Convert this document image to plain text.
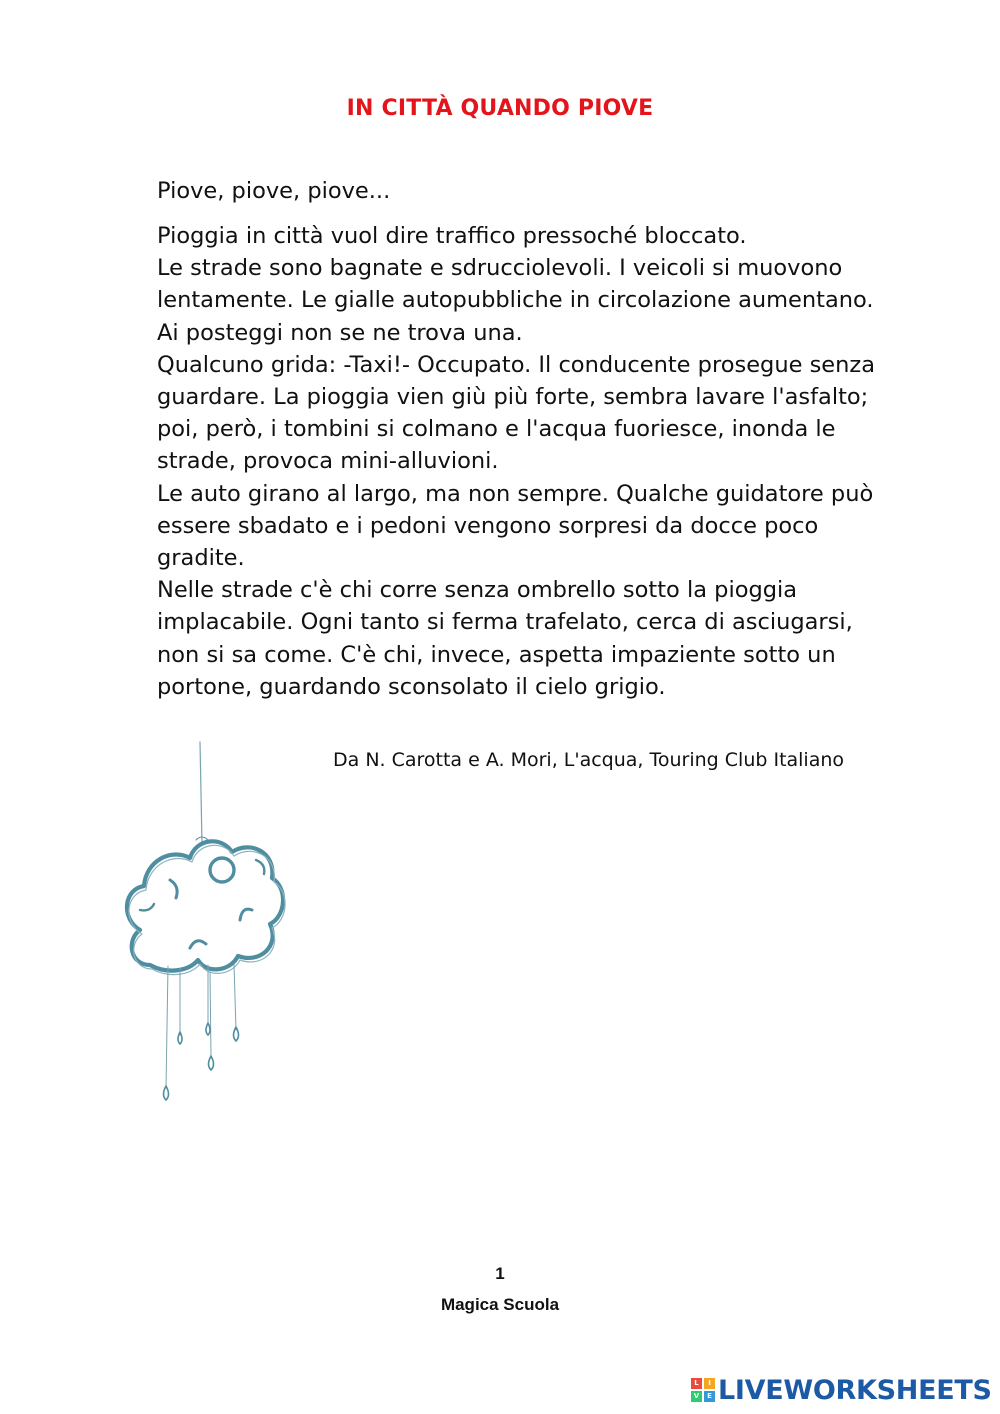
IN CITTÀ QUANDO PIOVE

Piove, piove, piove...

Pioggia in città vuol dire traffico pressoché bloccato.

Le strade sono bagnate e sdrucciolevoli. I veicoli si muovono

lentamente. Le gialle autopubbliche in circolazione aumentano.

Ai posteggi non se ne trova una.

Qualcuno grida: -Taxi!- Occupato. Il conducente prosegue senza

guardare. La pioggia vien giù più forte, sembra lavare l'asfalto;

poi, però, i tombini si colmano e l'acqua fuoriesce, inonda le

strade, provoca mini-alluvioni.

Le auto girano al largo, ma non sempre. Qualche guidatore può

essere sbadato e i pedoni vengono sorpresi da docce poco

gradite.

Nelle strade c'è chi corre senza ombrello sotto la pioggia

implacabile. Ogni tanto si ferma trafelato, cerca di asciugarsi,

non si sa come. C'è chi, invece, aspetta impaziente sotto un

portone, guardando sconsolato il cielo grigio.

Da N. Carotta e A. Mori, L'acqua, Touring Club Italiano
1
Magica Scuola
L	I
V	E LIVEWORKSHEETS
